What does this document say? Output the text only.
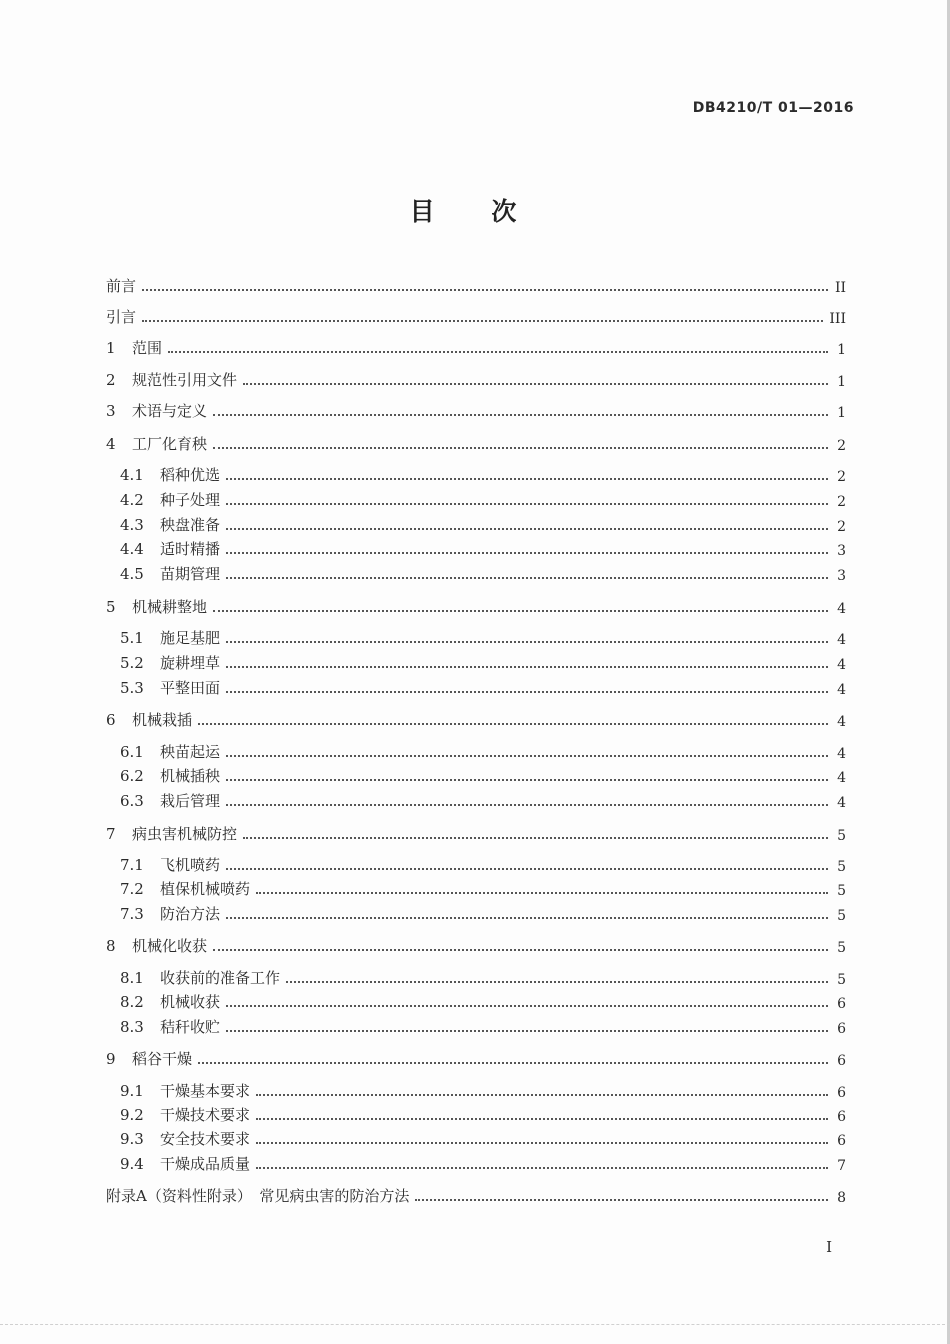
DB4210/T 01—2016
目 次
前言	II
引言	III
1 范围	1
2 规范性引用文件	1
3 术语与定义	1
4 工厂化育秧	2
4.1 稻种优选	2
4.2 种子处理	2
4.3 秧盘准备	2
4.4 适时精播	3
4.5 苗期管理	3
5 机械耕整地	4
5.1 施足基肥	4
5.2 旋耕埋草	4
5.3 平整田面	4
6 机械栽插	4
6.1 秧苗起运	4
6.2 机械插秧	4
6.3 栽后管理	4
7 病虫害机械防控	5
7.1 飞机喷药	5
7.2 植保机械喷药	5
7.3 防治方法	5
8 机械化收获	5
8.1 收获前的准备工作	5
8.2 机械收获	6
8.3 秸秆收贮	6
9 稻谷干燥	6
9.1 干燥基本要求	6
9.2 干燥技术要求	6
9.3 安全技术要求	6
9.4 干燥成品质量	7
附录A（资料性附录）　常见病虫害的防治方法	8
I
